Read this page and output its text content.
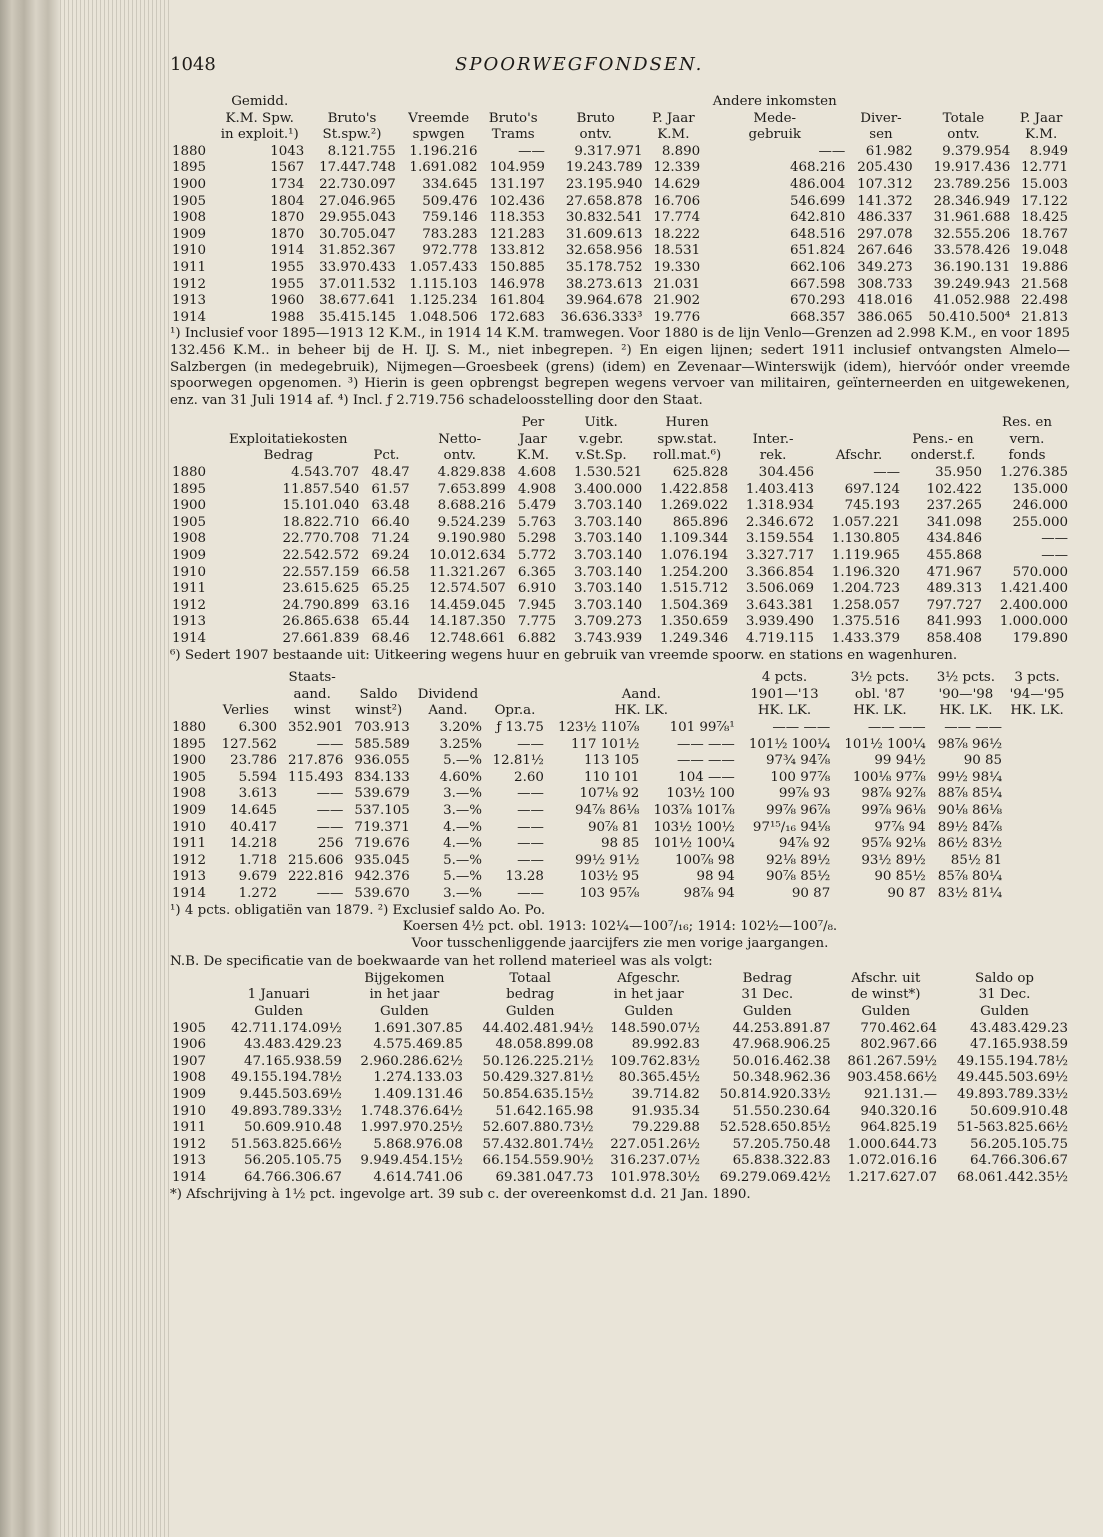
1048	SPOORWEGFONDSEN.
	Gemidd.						Andere inkomsten			
	K.M. Spw.	Bruto's	Vreemde	Bruto's	Bruto	P. Jaar	Mede-	Diver-	Totale	P. Jaar
	in exploit.¹)	St.spw.²)	spwgen	Trams	ontv.	K.M.	gebruik	sen	ontv.	K.M.
1880	1043	8.121.755	1.196.216	——	9.317.971	8.890	——	61.982	9.379.954	8.949
1895	1567	17.447.748	1.691.082	104.959	19.243.789	12.339	468.216	205.430	19.917.436	12.771
1900	1734	22.730.097	334.645	131.197	23.195.940	14.629	486.004	107.312	23.789.256	15.003
1905	1804	27.046.965	509.476	102.436	27.658.878	16.706	546.699	141.372	28.346.949	17.122
1908	1870	29.955.043	759.146	118.353	30.832.541	17.774	642.810	486.337	31.961.688	18.425
1909	1870	30.705.047	783.283	121.283	31.609.613	18.222	648.516	297.078	32.555.206	18.767
1910	1914	31.852.367	972.778	133.812	32.658.956	18.531	651.824	267.646	33.578.426	19.048
1911	1955	33.970.433	1.057.433	150.885	35.178.752	19.330	662.106	349.273	36.190.131	19.886
1912	1955	37.011.532	1.115.103	146.978	38.273.613	21.031	667.598	308.733	39.249.943	21.568
1913	1960	38.677.641	1.125.234	161.804	39.964.678	21.902	670.293	418.016	41.052.988	22.498
1914	1988	35.415.145	1.048.506	172.683	36.636.333³	19.776	668.357	386.065	50.410.500⁴	21.813

¹) Inclusief voor 1895—1913 12 K.M., in 1914 14 K.M. tramwegen. Voor 1880 is de lijn Venlo—Grenzen ad 2.998 K.M., en voor 1895 132.456 K.M.. in beheer bij de H. IJ. S. M., niet inbegrepen. ²) En eigen lijnen; sedert 1911 inclusief ontvangsten Almelo—Salzbergen (in medegebruik), Nijmegen—Groesbeek (grens) (idem) en Zevenaar—Winterswijk (idem), hiervóór onder vreemde spoorwegen opgenomen. ³) Hierin is geen opbrengst begrepen wegens vervoer van militairen, geïnterneerden en uitgewekenen, enz. van 31 Juli 1914 af. ⁴) Incl. ƒ 2.719.756 schadeloosstelling door den Staat.

				Per	Uitk.	Huren				Res. en
	Exploitatiekosten		Netto-	Jaar	v.gebr.	spw.stat.	Inter.-		Pens.- en	vern.
	Bedrag	Pct.	ontv.	K.M.	v.St.Sp.	roll.mat.⁶)	rek.	Afschr.	onderst.f.	fonds
1880	4.543.707	48.47	4.829.838	4.608	1.530.521	625.828	304.456	——	35.950	1.276.385
1895	11.857.540	61.57	7.653.899	4.908	3.400.000	1.422.858	1.403.413	697.124	102.422	135.000
1900	15.101.040	63.48	8.688.216	5.479	3.703.140	1.269.022	1.318.934	745.193	237.265	246.000
1905	18.822.710	66.40	9.524.239	5.763	3.703.140	865.896	2.346.672	1.057.221	341.098	255.000
1908	22.770.708	71.24	9.190.980	5.298	3.703.140	1.109.344	3.159.554	1.130.805	434.846	——
1909	22.542.572	69.24	10.012.634	5.772	3.703.140	1.076.194	3.327.717	1.119.965	455.868	——
1910	22.557.159	66.58	11.321.267	6.365	3.703.140	1.254.200	3.366.854	1.196.320	471.967	570.000
1911	23.615.625	65.25	12.574.507	6.910	3.703.140	1.515.712	3.506.069	1.204.723	489.313	1.421.400
1912	24.790.899	63.16	14.459.045	7.945	3.703.140	1.504.369	3.643.381	1.258.057	797.727	2.400.000
1913	26.865.638	65.44	14.187.350	7.775	3.709.273	1.350.659	3.939.490	1.375.516	841.993	1.000.000
1914	27.661.839	68.46	12.748.661	6.882	3.743.939	1.249.346	4.719.115	1.433.379	858.408	179.890

⁶) Sedert 1907 bestaande uit: Uitkeering wegens huur en gebruik van vreemde spoorw. en stations en wagenhuren.

		Staats-						4 pcts.	3½ pcts.	3½ pcts.	3 pcts.
		aand.	Saldo	Dividend		Aand.		1901—'13	obl. '87	'90—'98	'94—'95
	Verlies	winst	winst²)	Aand.	Opr.a.	HK. LK.		HK. LK.	HK. LK.	HK. LK.	HK. LK.
1880	6.300	352.901	703.913	3.20%	ƒ 13.75	123½ 110⅞	101 99⅞¹	—— ——	—— ——	—— ——	
1895	127.562	——	585.589	3.25%	——	117 101½	—— ——	101½ 100¼	101½ 100¼	98⅞ 96½	
1900	23.786	217.876	936.055	5.—%	12.81½	113 105	—— ——	97¾ 94⅞	99 94½	90 85	
1905	5.594	115.493	834.133	4.60%	2.60	110 101	104 ——	100 97⅞	100⅛ 97⅞	99½ 98¼	
1908	3.613	——	539.679	3.—%	——	107⅛ 92	103½ 100	99⅞ 93	98⅞ 92⅞	88⅞ 85¼	
1909	14.645	——	537.105	3.—%	——	94⅞ 86⅛	103⅞ 101⅞	99⅞ 96⅞	99⅞ 96⅛	90⅛ 86⅛	
1910	40.417	——	719.371	4.—%	——	90⅞ 81	103½ 100½	97¹⁵/₁₆ 94⅛	97⅞ 94	89½ 84⅞	
1911	14.218	256	719.676	4.—%	——	98 85	101½ 100¼	94⅞ 92	95⅞ 92⅛	86½ 83½	
1912	1.718	215.606	935.045	5.—%	——	99½ 91½	100⅞ 98	92⅛ 89½	93½ 89½	85½ 81	
1913	9.679	222.816	942.376	5.—%	13.28	103½ 95	98 94	90⅞ 85½	90 85½	85⅞ 80¼	
1914	1.272	——	539.670	3.—%	——	103 95⅞	98⅞ 94	90 87	90 87	83½ 81¼	

¹) 4 pcts. obligatiën van 1879. ²) Exclusief saldo Ao. Po.

Koersen 4½ pct. obl. 1913: 102¼—100⁷/₁₆; 1914: 102½—100⁷/₈.
Voor tusschenliggende jaarcijfers zie men vorige jaargangen.
N.B. De specificatie van de boekwaarde van het rollend materieel was als volgt:
		Bijgekomen	Totaal	Afgeschr.	Bedrag	Afschr. uit	Saldo op
	1 Januari	in het jaar	bedrag	in het jaar	31 Dec.	de winst*)	31 Dec.
	Gulden	Gulden	Gulden	Gulden	Gulden	Gulden	Gulden
1905	42.711.174.09½	1.691.307.85	44.402.481.94½	148.590.07½	44.253.891.87	770.462.64	43.483.429.23
1906	43.483.429.23	4.575.469.85	48.058.899.08	89.992.83	47.968.906.25	802.967.66	47.165.938.59
1907	47.165.938.59	2.960.286.62½	50.126.225.21½	109.762.83½	50.016.462.38	861.267.59½	49.155.194.78½
1908	49.155.194.78½	1.274.133.03	50.429.327.81½	80.365.45½	50.348.962.36	903.458.66½	49.445.503.69½
1909	9.445.503.69½	1.409.131.46	50.854.635.15½	39.714.82	50.814.920.33½	921.131.—	49.893.789.33½
1910	49.893.789.33½	1.748.376.64½	51.642.165.98	91.935.34	51.550.230.64	940.320.16	50.609.910.48
1911	50.609.910.48	1.997.970.25½	52.607.880.73½	79.229.88	52.528.650.85½	964.825.19	51-563.825.66½
1912	51.563.825.66½	5.868.976.08	57.432.801.74½	227.051.26½	57.205.750.48	1.000.644.73	56.205.105.75
1913	56.205.105.75	9.949.454.15½	66.154.559.90½	316.237.07½	65.838.322.83	1.072.016.16	64.766.306.67
1914	64.766.306.67	4.614.741.06	69.381.047.73	101.978.30½	69.279.069.42½	1.217.627.07	68.061.442.35½

*) Afschrijving à 1½ pct. ingevolge art. 39 sub c. der overeenkomst d.d. 21 Jan. 1890.
